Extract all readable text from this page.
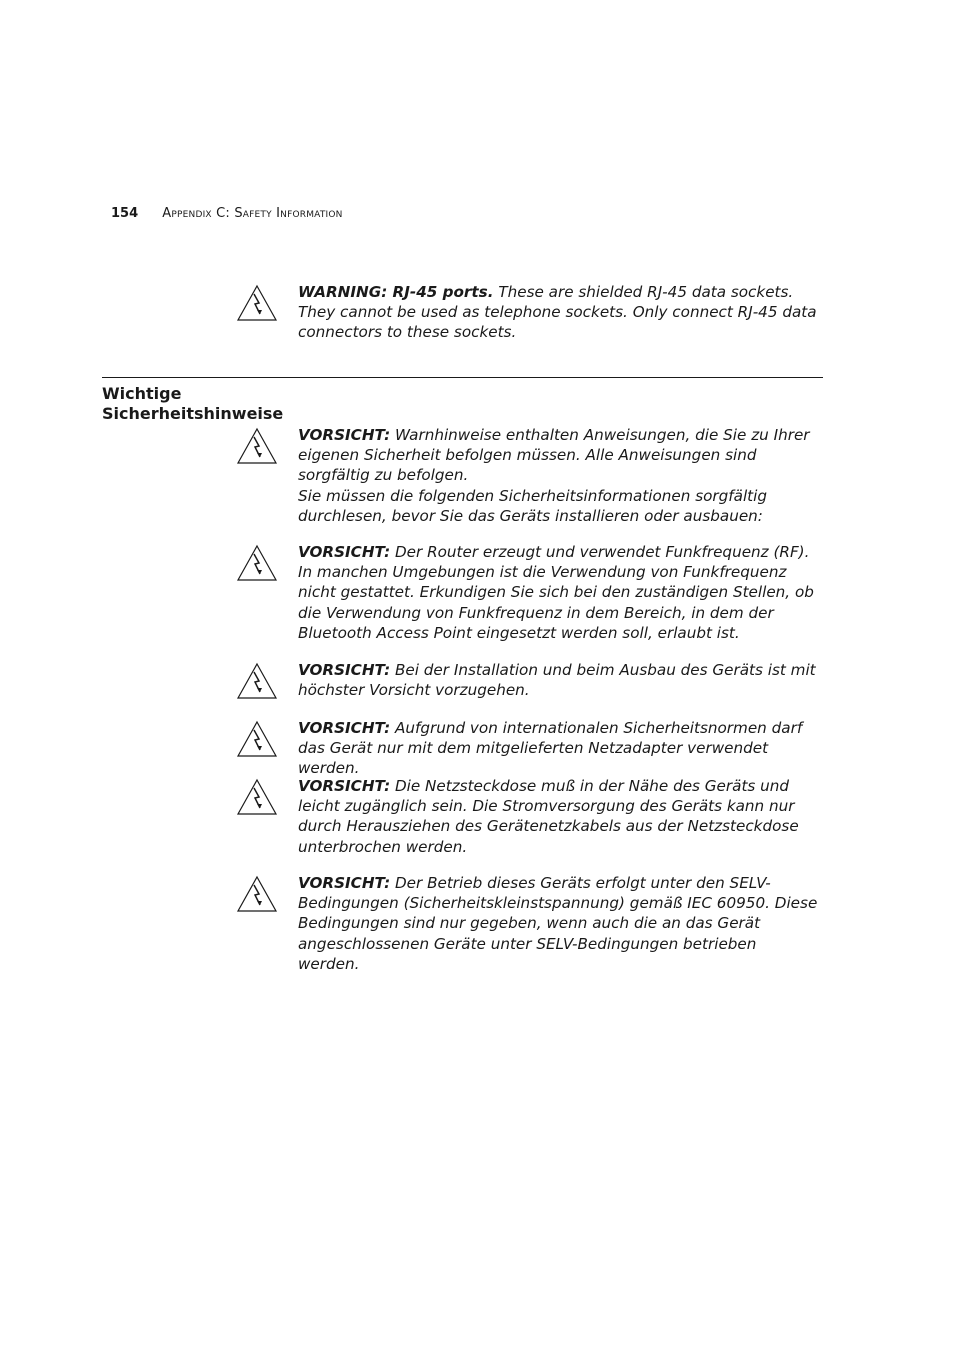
154 Appendix C: Safety Information

WARNING: RJ-45 ports. These are shielded RJ-45 data sockets. They cannot be used as telephone sockets. Only connect RJ-45 data connectors to these sockets.

Wichtige
Sicherheitshinweise

VORSICHT: Warnhinweise enthalten Anweisungen, die Sie zu Ihrer eigenen Sicherheit befolgen müssen. Alle Anweisungen sind sorgfältig zu befolgen.

Sie müssen die folgenden Sicherheitsinformationen sorgfältig durchlesen, bevor Sie das Geräts installieren oder ausbauen:

VORSICHT: Der Router erzeugt und verwendet Funkfrequenz (RF). In manchen Umgebungen ist die Verwendung von Funkfrequenz nicht gestattet. Erkundigen Sie sich bei den zuständigen Stellen, ob die Verwendung von Funkfrequenz in dem Bereich, in dem der Bluetooth Access Point eingesetzt werden soll, erlaubt ist.

VORSICHT: Bei der Installation und beim Ausbau des Geräts ist mit höchster Vorsicht vorzugehen.

VORSICHT: Aufgrund von internationalen Sicherheitsnormen darf das Gerät nur mit dem mitgelieferten Netzadapter verwendet werden.

VORSICHT: Die Netzsteckdose muß in der Nähe des Geräts und leicht zugänglich sein. Die Stromversorgung des Geräts kann nur durch Herausziehen des Gerätenetzkabels aus der Netzsteckdose unterbrochen werden.

VORSICHT: Der Betrieb dieses Geräts erfolgt unter den SELV-Bedingungen (Sicherheitskleinstspannung) gemäß IEC 60950. Diese Bedingungen sind nur gegeben, wenn auch die an das Gerät angeschlossenen Geräte unter SELV-Bedingungen betrieben werden.
